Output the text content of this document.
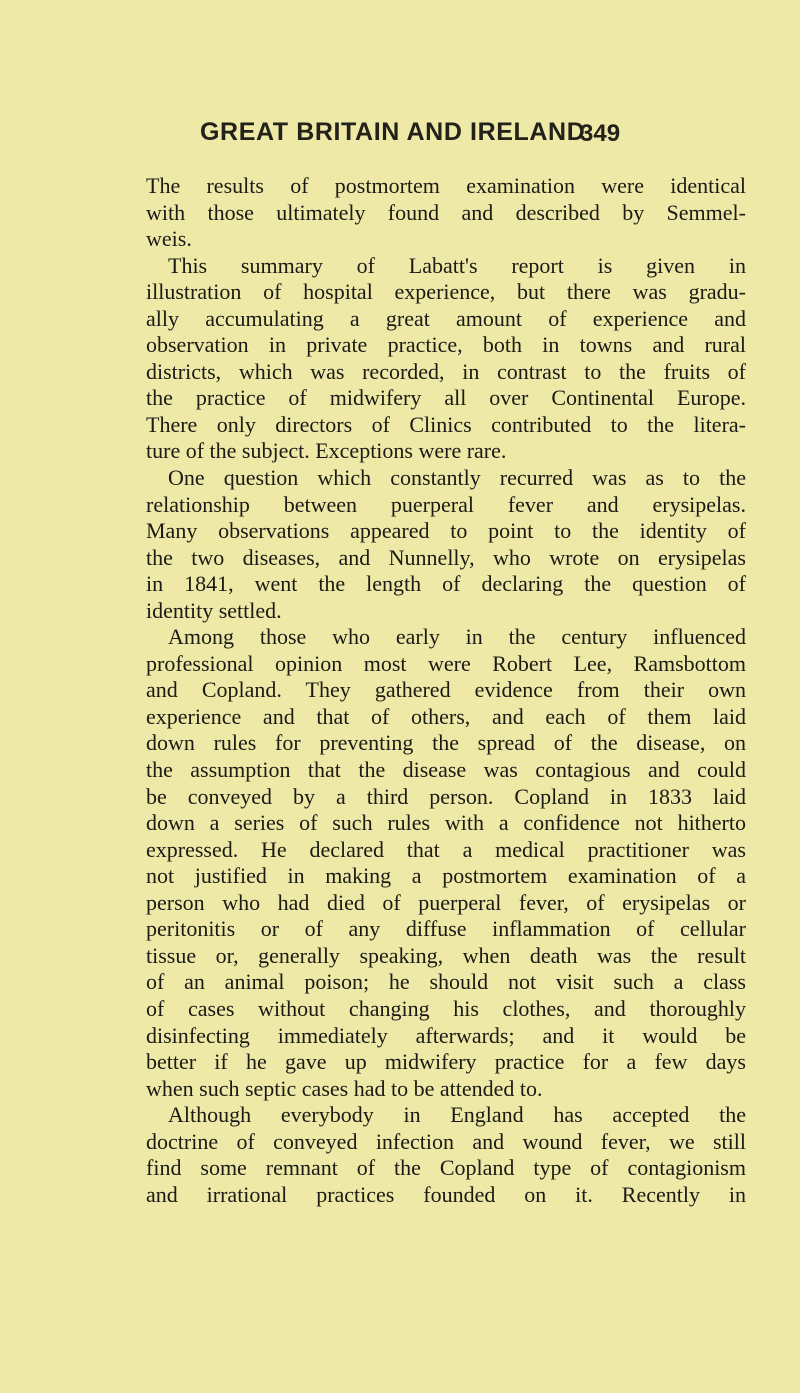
GREAT BRITAIN AND IRELAND
349
The results of postmortem examination were identical
with those ultimately found and described by Semmel-
weis.
This summary of Labatt's report is given in
illustration of hospital experience, but there was gradu-
ally accumulating a great amount of experience and
observation in private practice, both in towns and rural
districts, which was recorded, in contrast to the fruits of
the practice of midwifery all over Continental Europe.
There only directors of Clinics contributed to the litera-
ture of the subject. Exceptions were rare.
One question which constantly recurred was as to the
relationship between puerperal fever and erysipelas.
Many observations appeared to point to the identity of
the two diseases, and Nunnelly, who wrote on erysipelas
in 1841, went the length of declaring the question of
identity settled.
Among those who early in the century influenced
professional opinion most were Robert Lee, Ramsbottom
and Copland. They gathered evidence from their own
experience and that of others, and each of them laid
down rules for preventing the spread of the disease, on
the assumption that the disease was contagious and could
be conveyed by a third person. Copland in 1833 laid
down a series of such rules with a confidence not hitherto
expressed. He declared that a medical practitioner was
not justified in making a postmortem examination of a
person who had died of puerperal fever, of erysipelas or
peritonitis or of any diffuse inflammation of cellular
tissue or, generally speaking, when death was the result
of an animal poison; he should not visit such a class
of cases without changing his clothes, and thoroughly
disinfecting immediately afterwards; and it would be
better if he gave up midwifery practice for a few days
when such septic cases had to be attended to.
Although everybody in England has accepted the
doctrine of conveyed infection and wound fever, we still
find some remnant of the Copland type of contagionism
and irrational practices founded on it. Recently in
